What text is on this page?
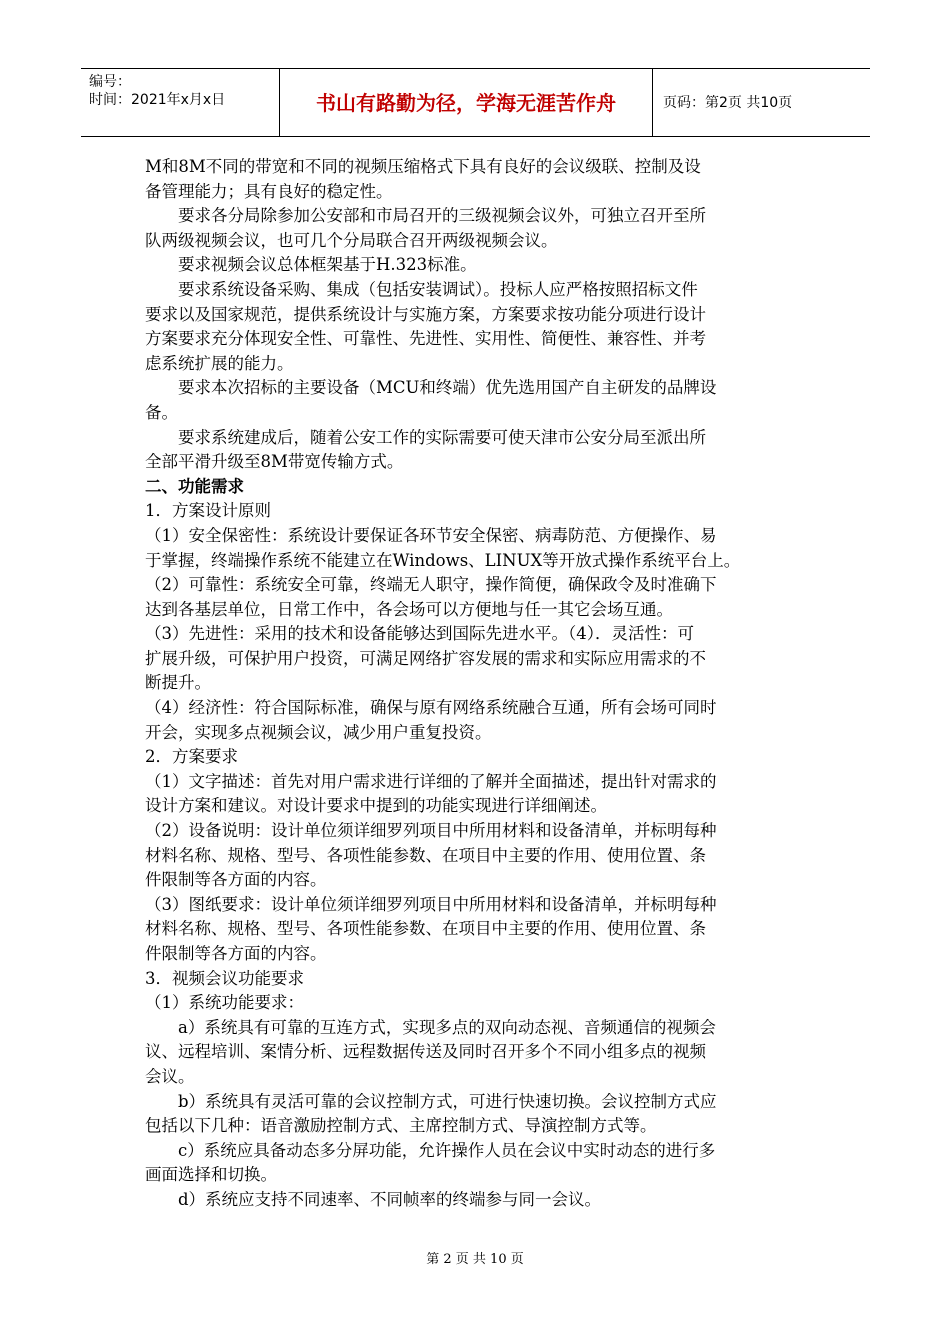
编号：
时间：2021年x月x日	书山有路勤为径，学海无涯苦作舟	页码：第2页 共10页

M和8M不同的带宽和不同的视频压缩格式下具有良好的会议级联、控制及设

备管理能力；具有良好的稳定性。

要求各分局除参加公安部和市局召开的三级视频会议外，可独立召开至所

队两级视频会议，也可几个分局联合召开两级视频会议。

要求视频会议总体框架基于H.323标准。

要求系统设备采购、集成（包括安装调试）。投标人应严格按照招标文件

要求以及国家规范，提供系统设计与实施方案，方案要求按功能分项进行设计

方案要求充分体现安全性、可靠性、先进性、实用性、简便性、兼容性、并考

虑系统扩展的能力。

要求本次招标的主要设备（MCU和终端）优先选用国产自主研发的品牌设

备。

要求系统建成后，随着公安工作的实际需要可使天津市公安分局至派出所

全部平滑升级至8M带宽传输方式。

二、功能需求

1．方案设计原则

（1）安全保密性：系统设计要保证各环节安全保密、病毒防范、方便操作、易

于掌握，终端操作系统不能建立在Windows、LINUX等开放式操作系统平台上。

（2）可靠性：系统安全可靠，终端无人职守，操作简便，确保政令及时准确下

达到各基层单位，日常工作中，各会场可以方便地与任一其它会场互通。

（3）先进性：采用的技术和设备能够达到国际先进水平。（4）．灵活性：可

扩展升级，可保护用户投资，可满足网络扩容发展的需求和实际应用需求的不

断提升。

（4）经济性：符合国际标准，确保与原有网络系统融合互通，所有会场可同时

开会，实现多点视频会议，减少用户重复投资。

2．方案要求

（1）文字描述：首先对用户需求进行详细的了解并全面描述，提出针对需求的

设计方案和建议。对设计要求中提到的功能实现进行详细阐述。

（2）设备说明：设计单位须详细罗列项目中所用材料和设备清单，并标明每种

材料名称、规格、型号、各项性能参数、在项目中主要的作用、使用位置、条

件限制等各方面的内容。

（3）图纸要求：设计单位须详细罗列项目中所用材料和设备清单，并标明每种

材料名称、规格、型号、各项性能参数、在项目中主要的作用、使用位置、条

件限制等各方面的内容。

3．视频会议功能要求

（1）系统功能要求：

a）系统具有可靠的互连方式，实现多点的双向动态视、音频通信的视频会

议、远程培训、案情分析、远程数据传送及同时召开多个不同小组多点的视频

会议。

b）系统具有灵活可靠的会议控制方式，可进行快速切换。会议控制方式应

包括以下几种：语音激励控制方式、主席控制方式、导演控制方式等。

c）系统应具备动态多分屏功能，允许操作人员在会议中实时动态的进行多

画面选择和切换。

d）系统应支持不同速率、不同帧率的终端参与同一会议。

第 2 页 共 10 页
